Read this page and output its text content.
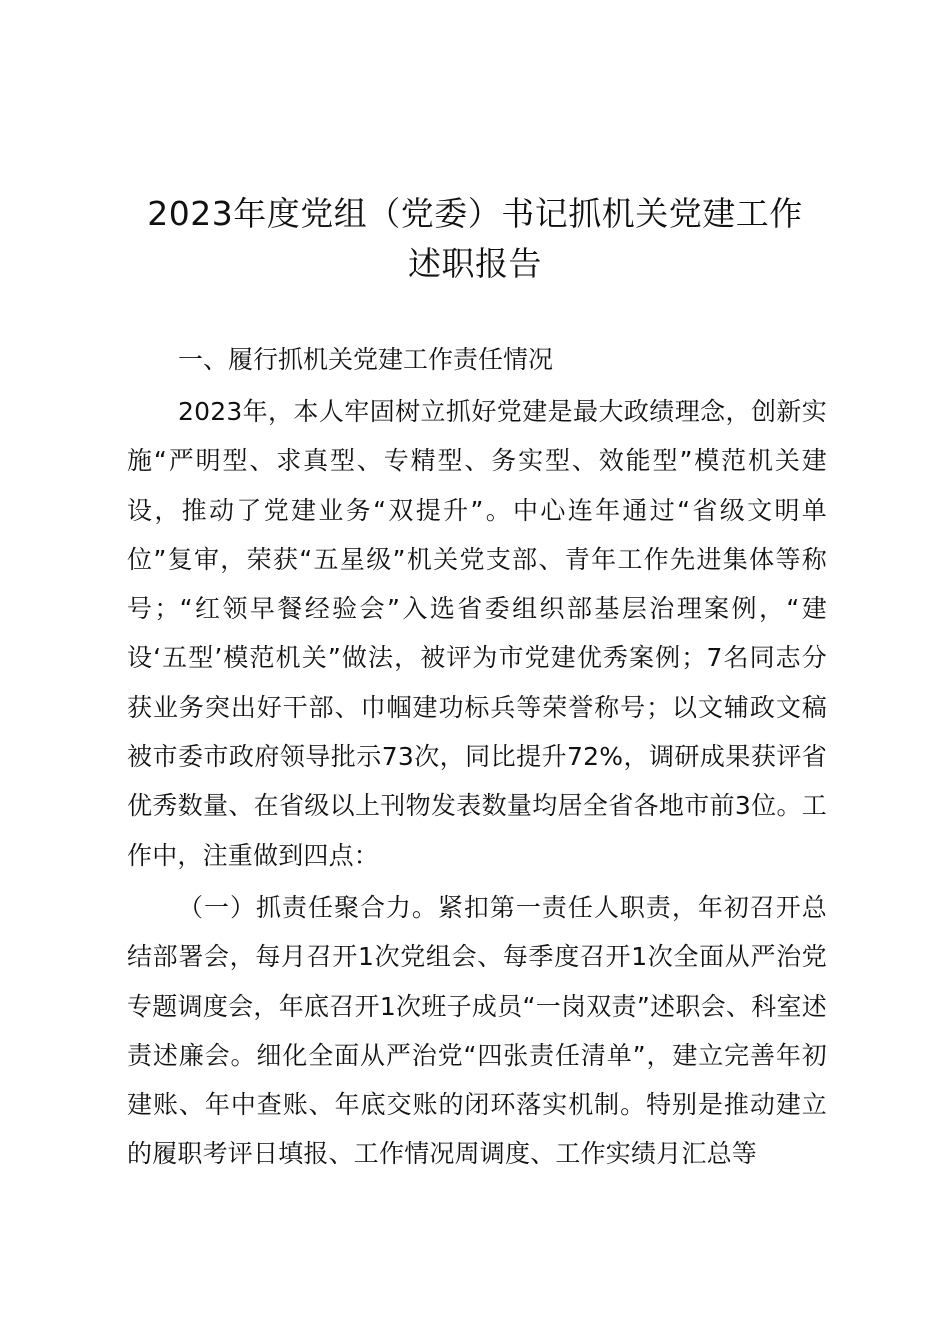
2023年度党组（党委）书记抓机关党建工作
述职报告
一、履行抓机关党建工作责任情况

2023年，本人牢固树立抓好党建是最大政绩理念，创新实施“严明型、求真型、专精型、务实型、效能型”模范机关建设，推动了党建业务“双提升”。中心连年通过“省级文明单位”复审，荣获“五星级”机关党支部、青年工作先进集体等称号；“红领早餐经验会”入选省委组织部基层治理案例，“建设‘五型’模范机关”做法，被评为市党建优秀案例；7名同志分获业务突出好干部、巾帼建功标兵等荣誉称号；以文辅政文稿被市委市政府领导批示73次，同比提升72%，调研成果获评省优秀数量、在省级以上刊物发表数量均居全省各地市前3位。工作中，注重做到四点：

（一）抓责任聚合力。紧扣第一责任人职责，年初召开总结部署会，每月召开1次党组会、每季度召开1次全面从严治党专题调度会，年底召开1次班子成员“一岗双责”述职会、科室述责述廉会。细化全面从严治党“四张责任清单”，建立完善年初建账、年中查账、年底交账的闭环落实机制。特别是推动建立的履职考评日填报、工作情况周调度、工作实绩月汇总等
